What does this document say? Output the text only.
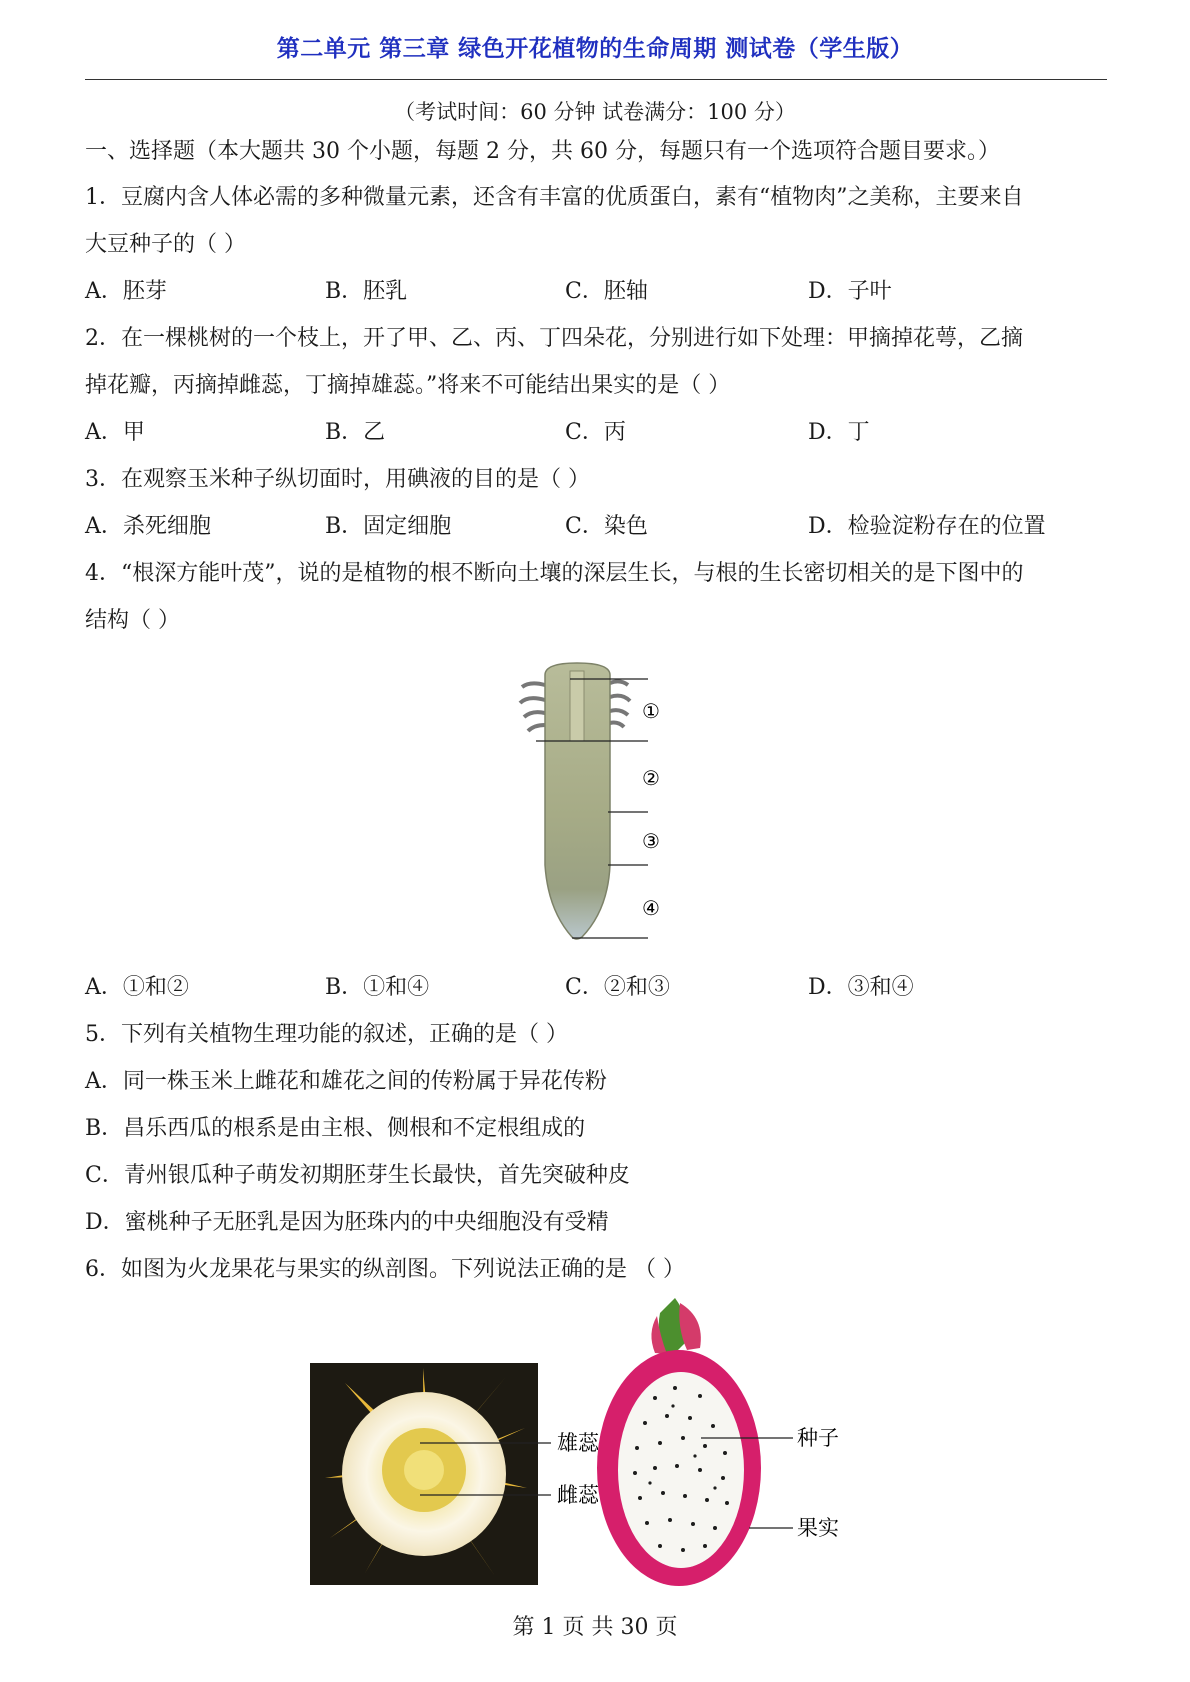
第二单元 第三章 绿色开花植物的生命周期 测试卷（学生版）
（考试时间：60 分钟 试卷满分：100 分）
一、选择题（本大题共 30 个小题，每题 2 分，共 60 分，每题只有一个选项符合题目要求。）
1．豆腐内含人体必需的多种微量元素，还含有丰富的优质蛋白，素有“植物肉”之美称，主要来自
大豆种子的（ ）
A．胚芽	B．胚乳	C．胚轴	D．子叶
2．在一棵桃树的一个枝上，开了甲、乙、丙、丁四朵花，分别进行如下处理：甲摘掉花萼，乙摘
掉花瓣，丙摘掉雌蕊，丁摘掉雄蕊。”将来不可能结出果实的是（ ）
A．甲	B．乙	C．丙	D．丁
3．在观察玉米种子纵切面时，用碘液的目的是（ ）
A．杀死细胞	B．固定细胞	C．染色	D．检验淀粉存在的位置
4．“根深方能叶茂”，说的是植物的根不断向土壤的深层生长，与根的生长密切相关的是下图中的
结构（ ）
①
②
③
④
A．①和②	B．①和④	C．②和③	D．③和④
5．下列有关植物生理功能的叙述，正确的是（ ）
A．同一株玉米上雌花和雄花之间的传粉属于异花传粉
B．昌乐西瓜的根系是由主根、侧根和不定根组成的
C．青州银瓜种子萌发初期胚芽生长最快，首先突破种皮
D．蜜桃种子无胚乳是因为胚珠内的中央细胞没有受精
6．如图为火龙果花与果实的纵剖图。下列说法正确的是 （ ）
雄蕊
雌蕊
种子
果实
第 1 页 共 30 页
